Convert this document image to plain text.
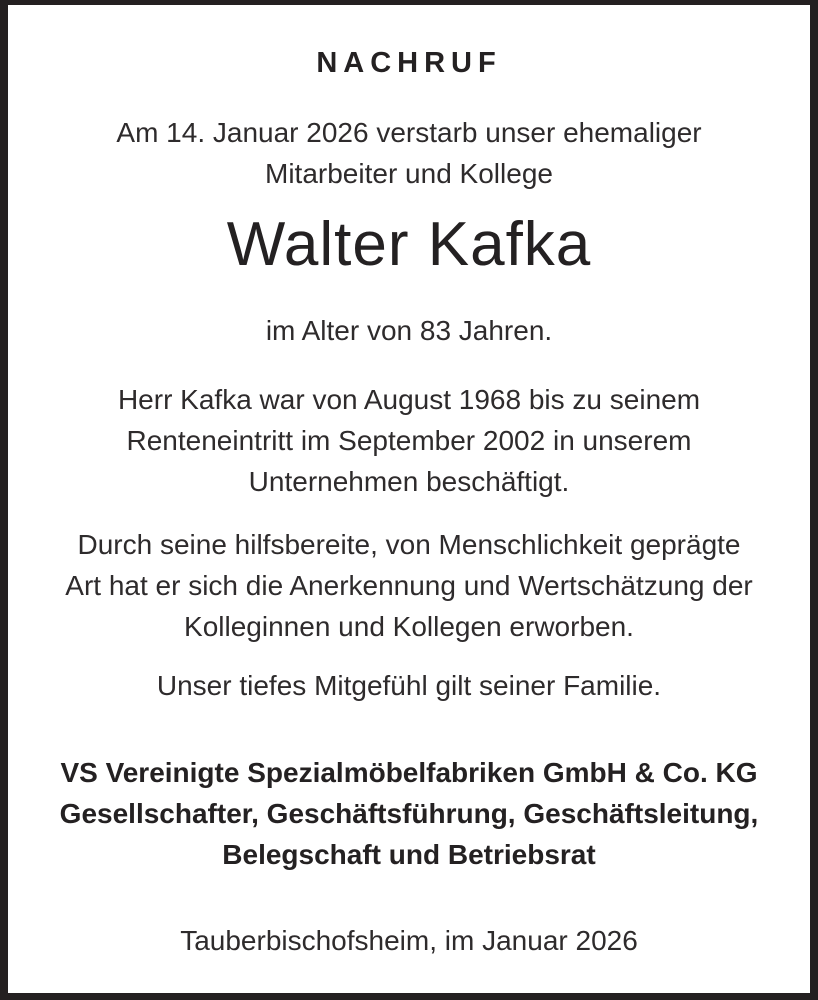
NACHRUF
Am 14. Januar 2026 verstarb unser ehemaliger
Mitarbeiter und Kollege
Walter Kafka
im Alter von 83 Jahren.
Herr Kafka war von August 1968 bis zu seinem
Renteneintritt im September 2002 in unserem
Unternehmen beschäftigt.
Durch seine hilfsbereite, von Menschlichkeit geprägte
Art hat er sich die Anerkennung und Wertschätzung der
Kolleginnen und Kollegen erworben.
Unser tiefes Mitgefühl gilt seiner Familie.
VS Vereinigte Spezialmöbelfabriken GmbH & Co. KG
Gesellschafter, Geschäftsführung, Geschäftsleitung,
Belegschaft und Betriebsrat
Tauberbischofsheim, im Januar 2026
